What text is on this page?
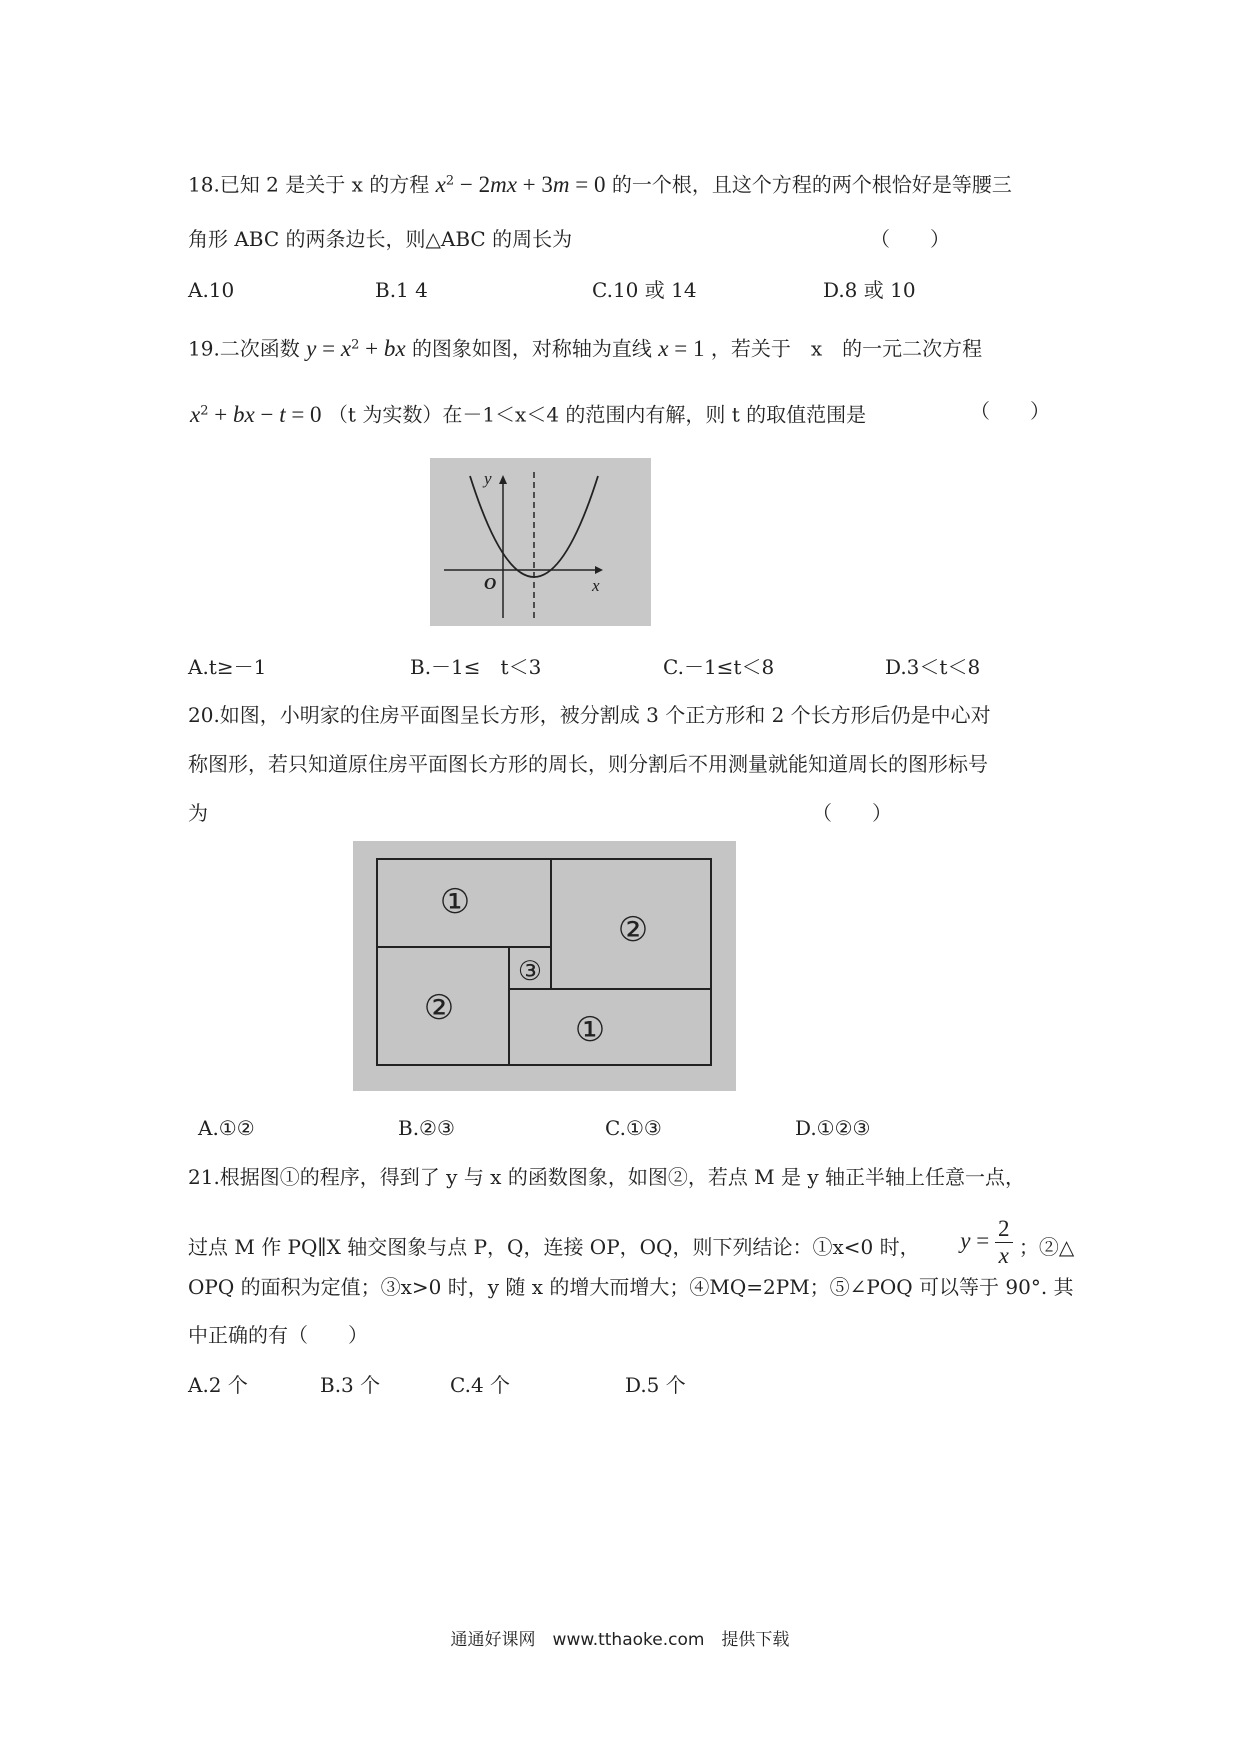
18.已知 2 是关于 x 的方程 $x^2 - 2mx + 3m = 0$ 的一个根，且这个方程的两个根恰好是等腰三
角形 ABC 的两条边长，则△ABC 的周长为	（　　）
A.10	B.1 4	C.10 或 14	D.8 或 10
19.二次函数 $y = x^2$ + bx 的图象如图，对称轴为直线 x = 1 ，若关于　x　的一元二次方程
$x^2$ + bx − t = 0 （t 为实数）在－1＜x＜4 的范围内有解，则 t 的取值范围是	（　　）
y
x
O
A.t≥－1	B.－1≤　t＜3	C.－1≤t＜8	D.3＜t＜8
20.如图，小明家的住房平面图呈长方形，被分割成 3 个正方形和 2 个长方形后仍是中心对
称图形，若只知道原住房平面图长方形的周长，则分割后不用测量就能知道周长的图形标号
为	（　　）
①
②
②
①
③
A.①②	B.②③	C.①③	D.①②③
21.根据图①的程序，得到了 y 与 x 的函数图象，如图②，若点 M 是 y 轴正半轴上任意一点，
过点 M 作 PQ∥X 轴交图象与点 P，Q，连接 OP，OQ，则下列结论：①x<0 时， $y = \frac{2}{x}$ ；②△
OPQ 的面积为定值；③x>0 时，y 随 x 的增大而增大；④MQ=2PM；⑤∠POQ 可以等于 90°. 其
中正确的有（　　）
A.2 个	B.3 个	C.4 个	D.5 个
通通好课网　www.tthaoke.com　提供下载
